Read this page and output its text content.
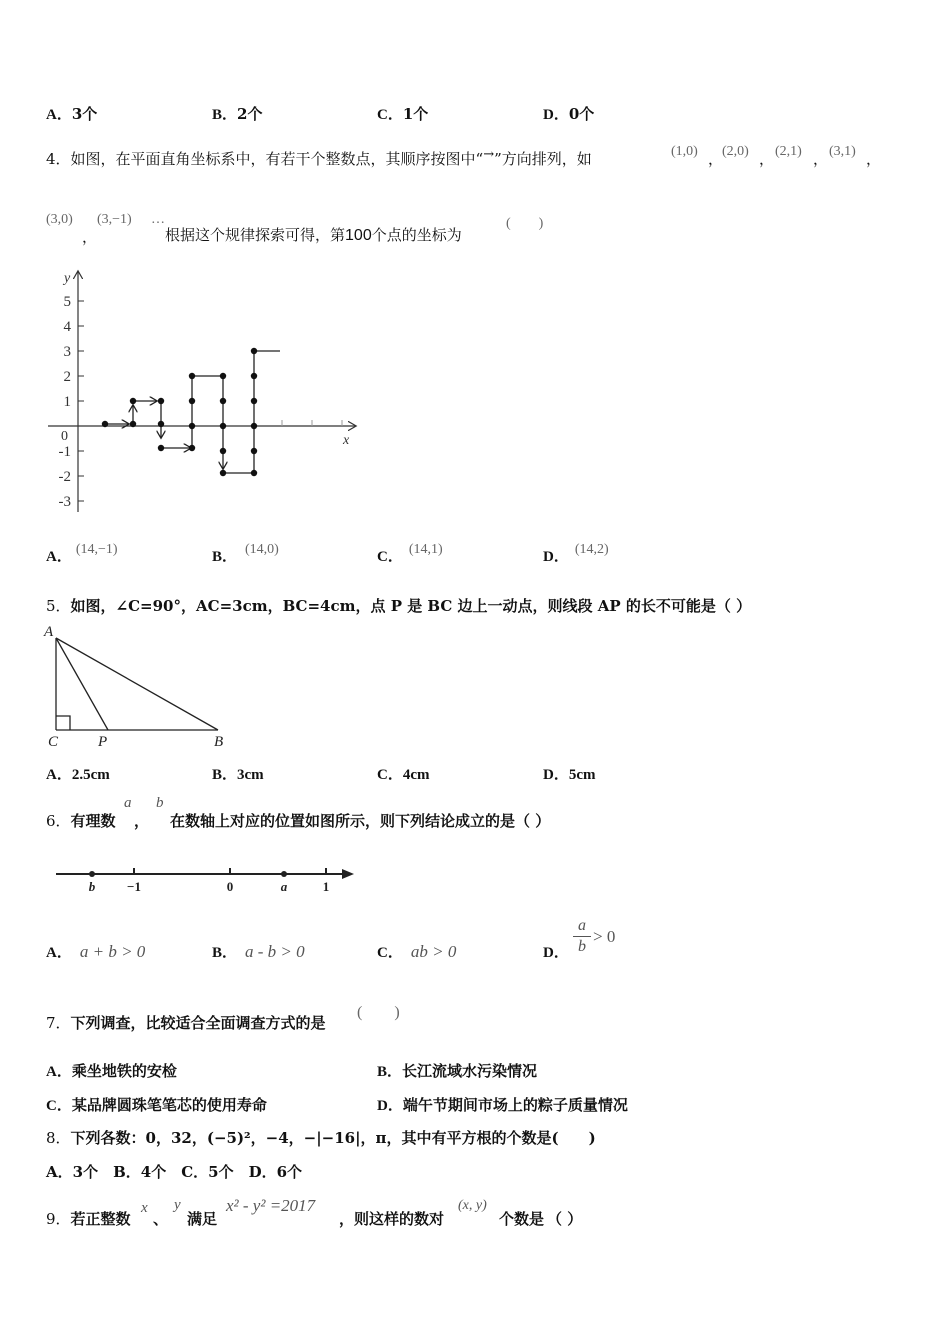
A．3个	B．2个	C．1个	D．0个
4．如图，在平面直角坐标系中，有若干个整数点，其顺序按图中“→”方向排列，如	(1,0) ，
(2,0) ， (2,1) ， (3,1) ，
(3,0)
，
(3,−1) …
根据这个规律探索可得，第100个点的坐标为
(　　)
y
x
0
5
4
3
2
1
-1
-2
-3
A． (14,−1)	B． (14,0)	C． (14,1)	D． (14,2)
5．如图，∠C=90°，AC=3cm，BC=4cm，点 P 是 BC 边上一动点，则线段 AP 的长不可能是（ ）
A
C	P	B
A．2.5cm	B．3cm	C．4cm	D．5cm
6．有理数
a
，
b
在数轴上对应的位置如图所示，则下列结论成立的是（ ）
b −1	0	a	1
A． a + b > 0	B． a - b > 0	C． ab > 0	D．
a
b
> 0
7．下列调查，比较适合全面调查方式的是
(　　)
A．乘坐地铁的安检	B．长江流域水污染情况
C．某品牌圆珠笔笔芯的使用寿命	D．端午节期间市场上的粽子质量情况
8．下列各数：0，32，(−5)²，−4，−|−16|，π，其中有平方根的个数是(　　)
A．3个　B．4个　C．5个　D．6个
9．若正整数
x
、
y
满足
x² - y² =2017
，则这样的数对
(x, y)
个数是 （ ）
